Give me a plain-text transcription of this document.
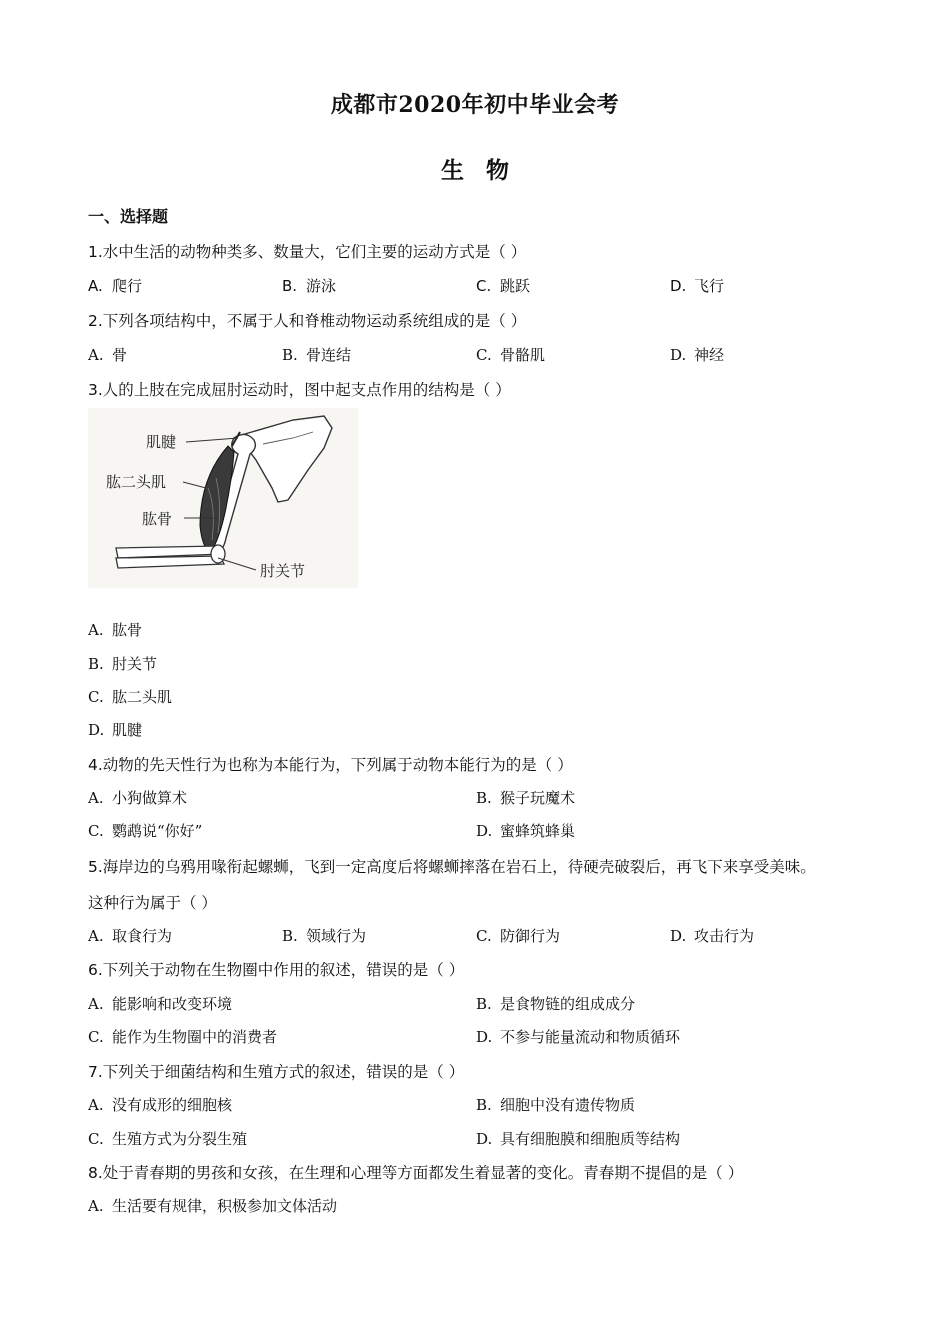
成都市2020年初中毕业会考
生物
一、选择题
1.水中生活的动物种类多、数量大，它们主要的运动方式是（ ）
A. 爬行	B. 游泳	C. 跳跃	D. 飞行
2.下列各项结构中，不属于人和脊椎动物运动系统组成的是（ ）
A. 骨	B. 骨连结	C. 骨骼肌	D. 神经
3.人的上肢在完成屈肘运动时，图中起支点作用的结构是（ ）
肌腱
肱二头肌
肱骨
肘关节
A. 肱骨
B. 肘关节
C. 肱二头肌
D. 肌腱
4.动物的先天性行为也称为本能行为，下列属于动物本能行为的是（ ）
A. 小狗做算术	B. 猴子玩魔术
C. 鹦鹉说“你好”	D. 蜜蜂筑蜂巢
5.海岸边的乌鸦用喙衔起螺蛳，飞到一定高度后将螺蛳摔落在岩石上，待硬壳破裂后，再飞下来享受美味。
这种行为属于（ ）
A. 取食行为	B. 领域行为	C. 防御行为	D. 攻击行为
6.下列关于动物在生物圈中作用的叙述，错误的是（ ）
A. 能影响和改变环境	B. 是食物链的组成成分
C. 能作为生物圈中的消费者	D. 不参与能量流动和物质循环
7.下列关于细菌结构和生殖方式的叙述，错误的是（ ）
A. 没有成形的细胞核	B. 细胞中没有遗传物质
C. 生殖方式为分裂生殖	D. 具有细胞膜和细胞质等结构
8.处于青春期的男孩和女孩，在生理和心理等方面都发生着显著的变化。青春期不提倡的是（ ）
A. 生活要有规律，积极参加文体活动
